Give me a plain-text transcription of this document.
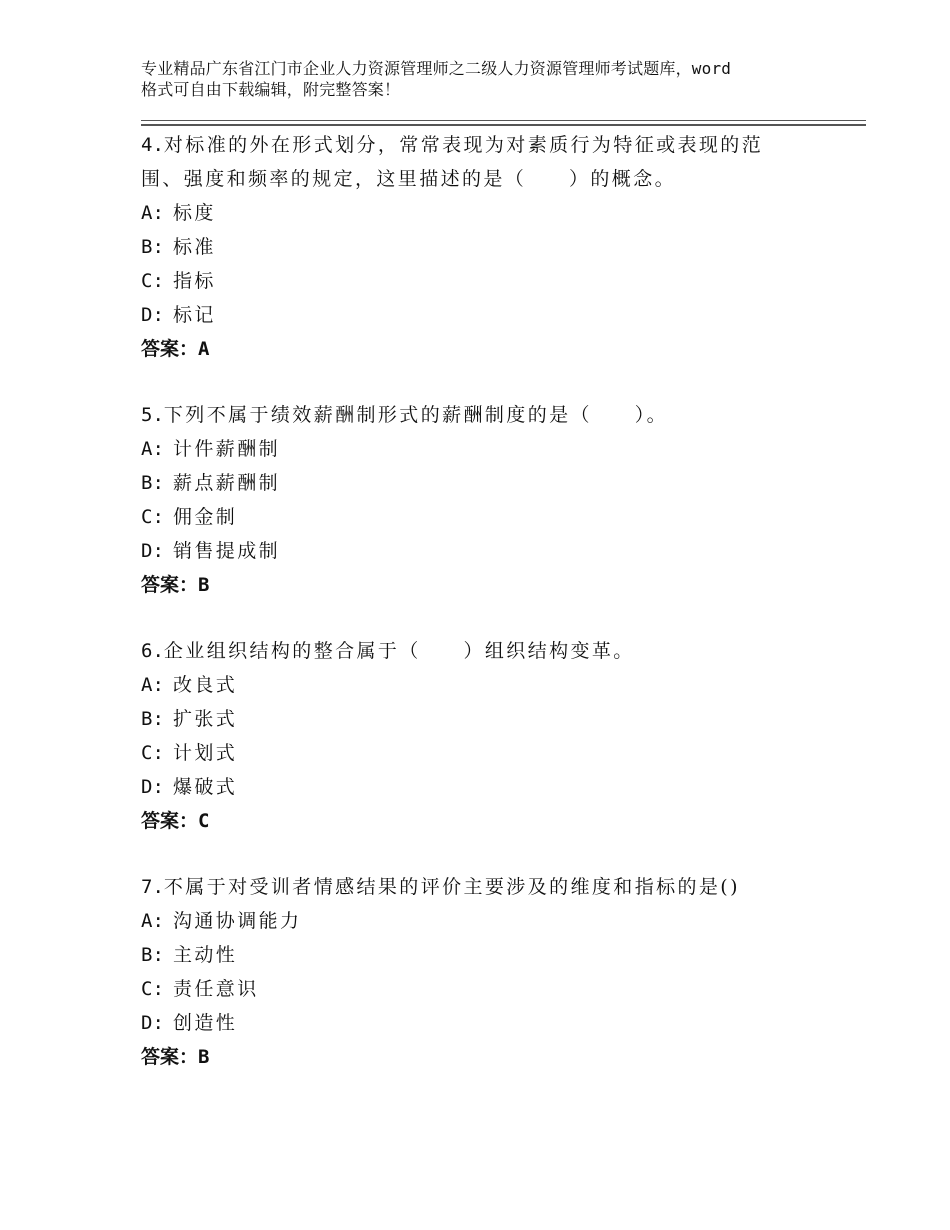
专业精品广东省江门市企业人力资源管理师之二级人力资源管理师考试题库，word
格式可自由下载编辑，附完整答案！
4.对标准的外在形式划分，常常表现为对素质行为特征或表现的范
围、强度和频率的规定，这里描述的是（　　）的概念。
A: 标度
B: 标准
C: 指标
D: 标记
答案：A
5.下列不属于绩效薪酬制形式的薪酬制度的是（　　）。
A: 计件薪酬制
B: 薪点薪酬制
C: 佣金制
D: 销售提成制
答案：B
6.企业组织结构的整合属于（　　）组织结构变革。
A: 改良式
B: 扩张式
C: 计划式
D: 爆破式
答案：C
7.不属于对受训者情感结果的评价主要涉及的维度和指标的是()
A: 沟通协调能力
B: 主动性
C: 责任意识
D: 创造性
答案：B
